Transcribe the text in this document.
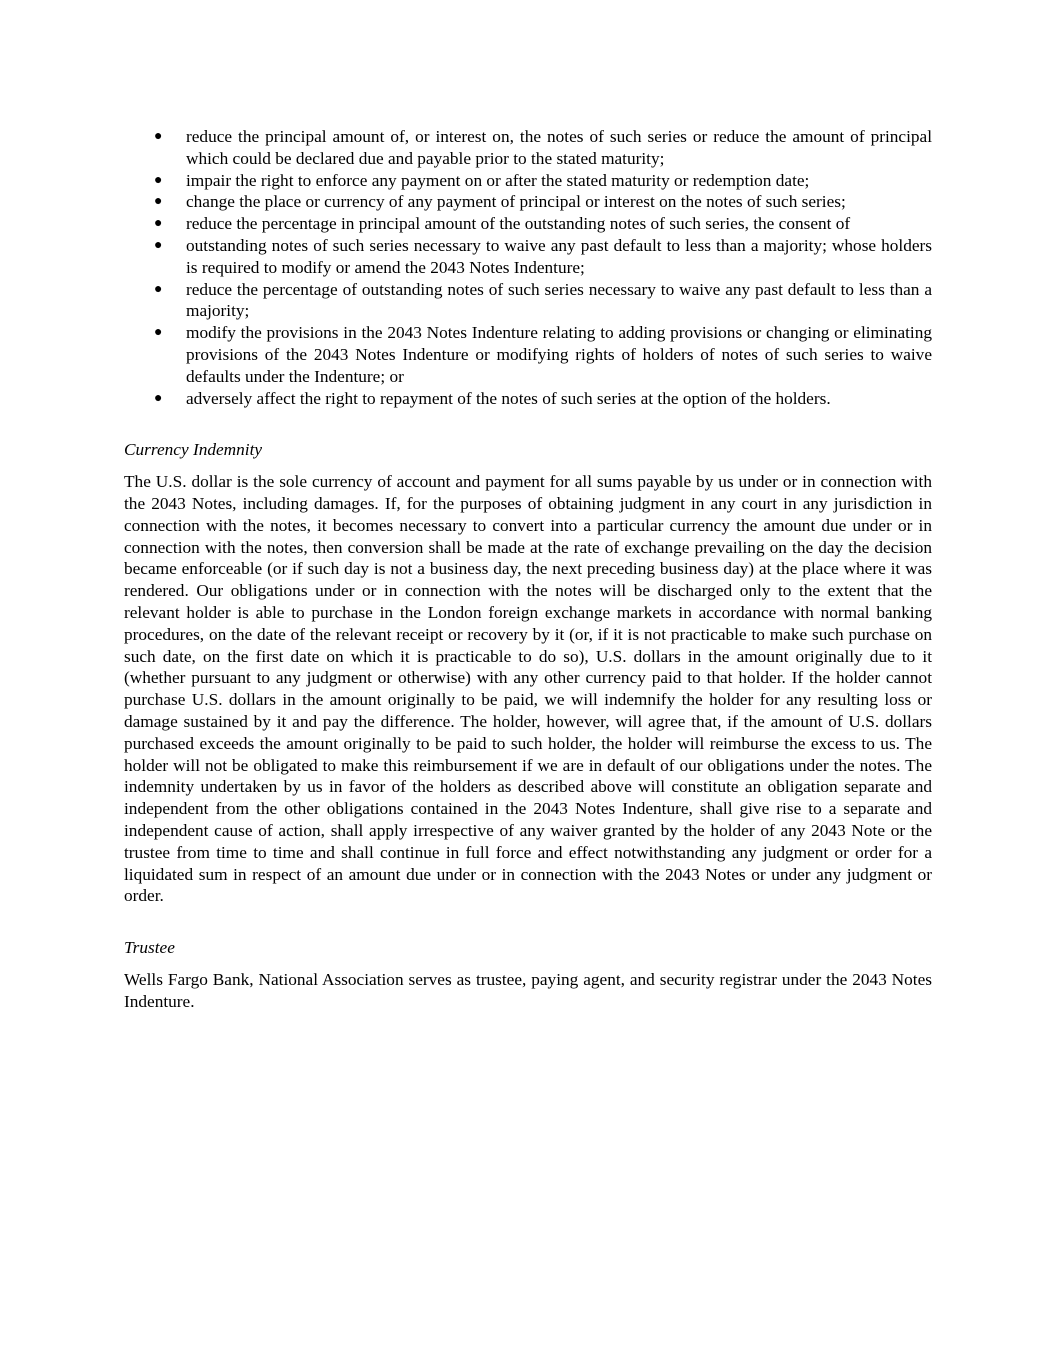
● reduce the principal amount of, or interest on, the notes of such series or reduce the amount of principal which could be declared due and payable prior to the stated maturity;
● impair the right to enforce any payment on or after the stated maturity or redemption date;
● change the place or currency of any payment of principal or interest on the notes of such series;
● reduce the percentage in principal amount of the outstanding notes of such series, the consent of
● outstanding notes of such series necessary to waive any past default to less than a majority; whose holders is required to modify or amend the 2043 Notes Indenture;
● reduce the percentage of outstanding notes of such series necessary to waive any past default to less than a majority;
● modify the provisions in the 2043 Notes Indenture relating to adding provisions or changing or eliminating provisions of the 2043 Notes Indenture or modifying rights of holders of notes of such series to waive defaults under the Indenture; or
● adversely affect the right to repayment of the notes of such series at the option of the holders.
Currency Indemnity

The U.S. dollar is the sole currency of account and payment for all sums payable by us under or in connection with the 2043 Notes, including damages. If, for the purposes of obtaining judgment in any court in any jurisdiction in connection with the notes, it becomes necessary to convert into a particular currency the amount due under or in connection with the notes, then conversion shall be made at the rate of exchange prevailing on the day the decision became enforceable (or if such day is not a business day, the next preceding business day) at the place where it was rendered. Our obligations under or in connection with the notes will be discharged only to the extent that the relevant holder is able to purchase in the London foreign exchange markets in accordance with normal banking procedures, on the date of the relevant receipt or recovery by it (or, if it is not practicable to make such purchase on such date, on the first date on which it is practicable to do so), U.S. dollars in the amount originally due to it (whether pursuant to any judgment or otherwise) with any other currency paid to that holder. If the holder cannot purchase U.S. dollars in the amount originally to be paid, we will indemnify the holder for any resulting loss or damage sustained by it and pay the difference. The holder, however, will agree that, if the amount of U.S. dollars purchased exceeds the amount originally to be paid to such holder, the holder will reimburse the excess to us. The holder will not be obligated to make this reimbursement if we are in default of our obligations under the notes. The indemnity undertaken by us in favor of the holders as described above will constitute an obligation separate and independent from the other obligations contained in the 2043 Notes Indenture, shall give rise to a separate and independent cause of action, shall apply irrespective of any waiver granted by the holder of any 2043 Note or the trustee from time to time and shall continue in full force and effect notwithstanding any judgment or order for a liquidated sum in respect of an amount due under or in connection with the 2043 Notes or under any judgment or order.

Trustee

Wells Fargo Bank, National Association serves as trustee, paying agent, and security registrar under the 2043 Notes Indenture.
